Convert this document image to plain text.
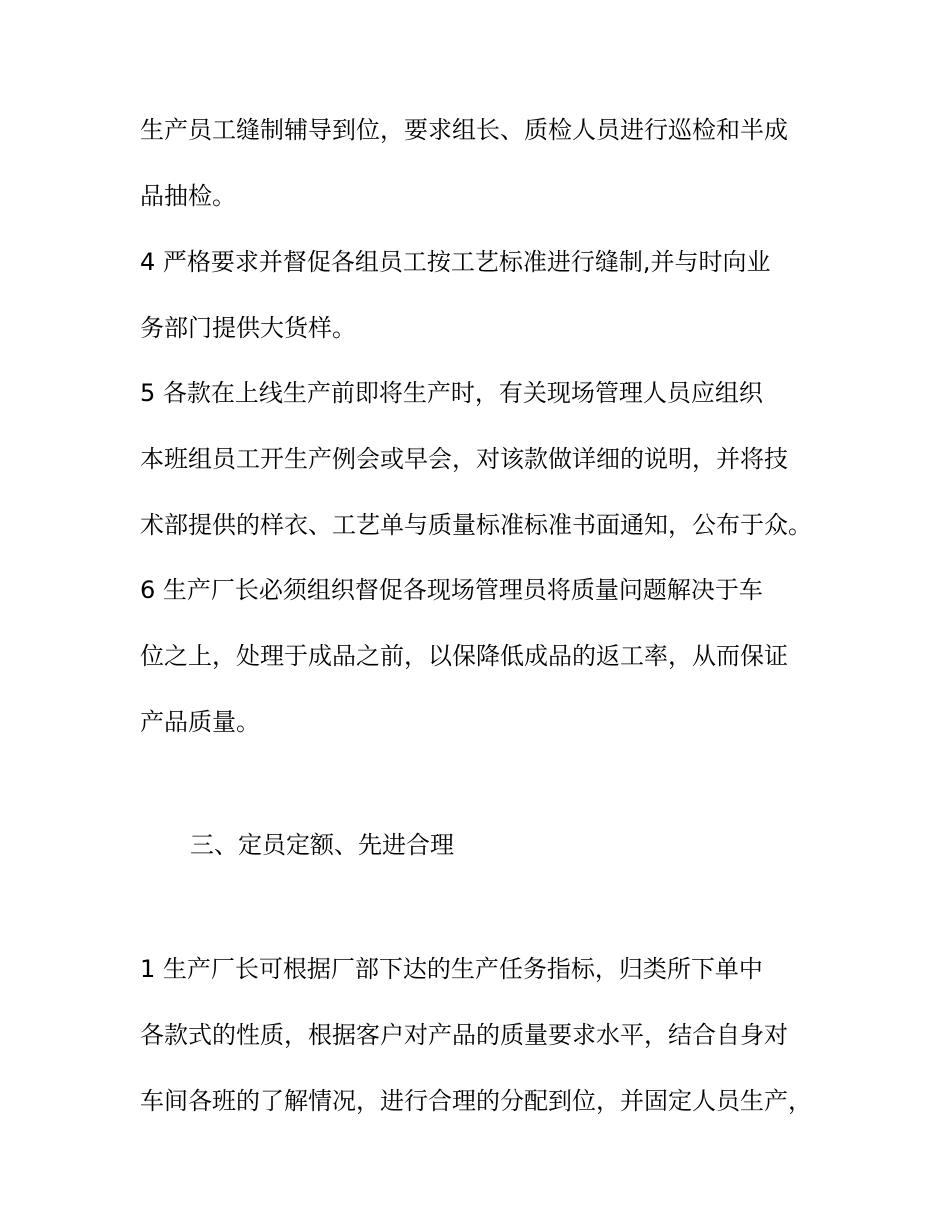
生产员工缝制辅导到位，要求组长、质检人员进行巡检和半成
品抽检。
4 严格要求并督促各组员工按工艺标准进行缝制,并与时向业
务部门提供大货样。
5 各款在上线生产前即将生产时，有关现场管理人员应组织
本班组员工开生产例会或早会，对该款做详细的说明，并将技
术部提供的样衣、工艺单与质量标准标准书面通知，公布于众。
6 生产厂长必须组织督促各现场管理员将质量问题解决于车
位之上，处理于成品之前，以保降低成品的返工率，从而保证
产品质量。
三、定员定额、先进合理
1 生产厂长可根据厂部下达的生产任务指标，归类所下单中
各款式的性质，根据客户对产品的质量要求水平，结合自身对
车间各班的了解情况，进行合理的分配到位，并固定人员生产，
